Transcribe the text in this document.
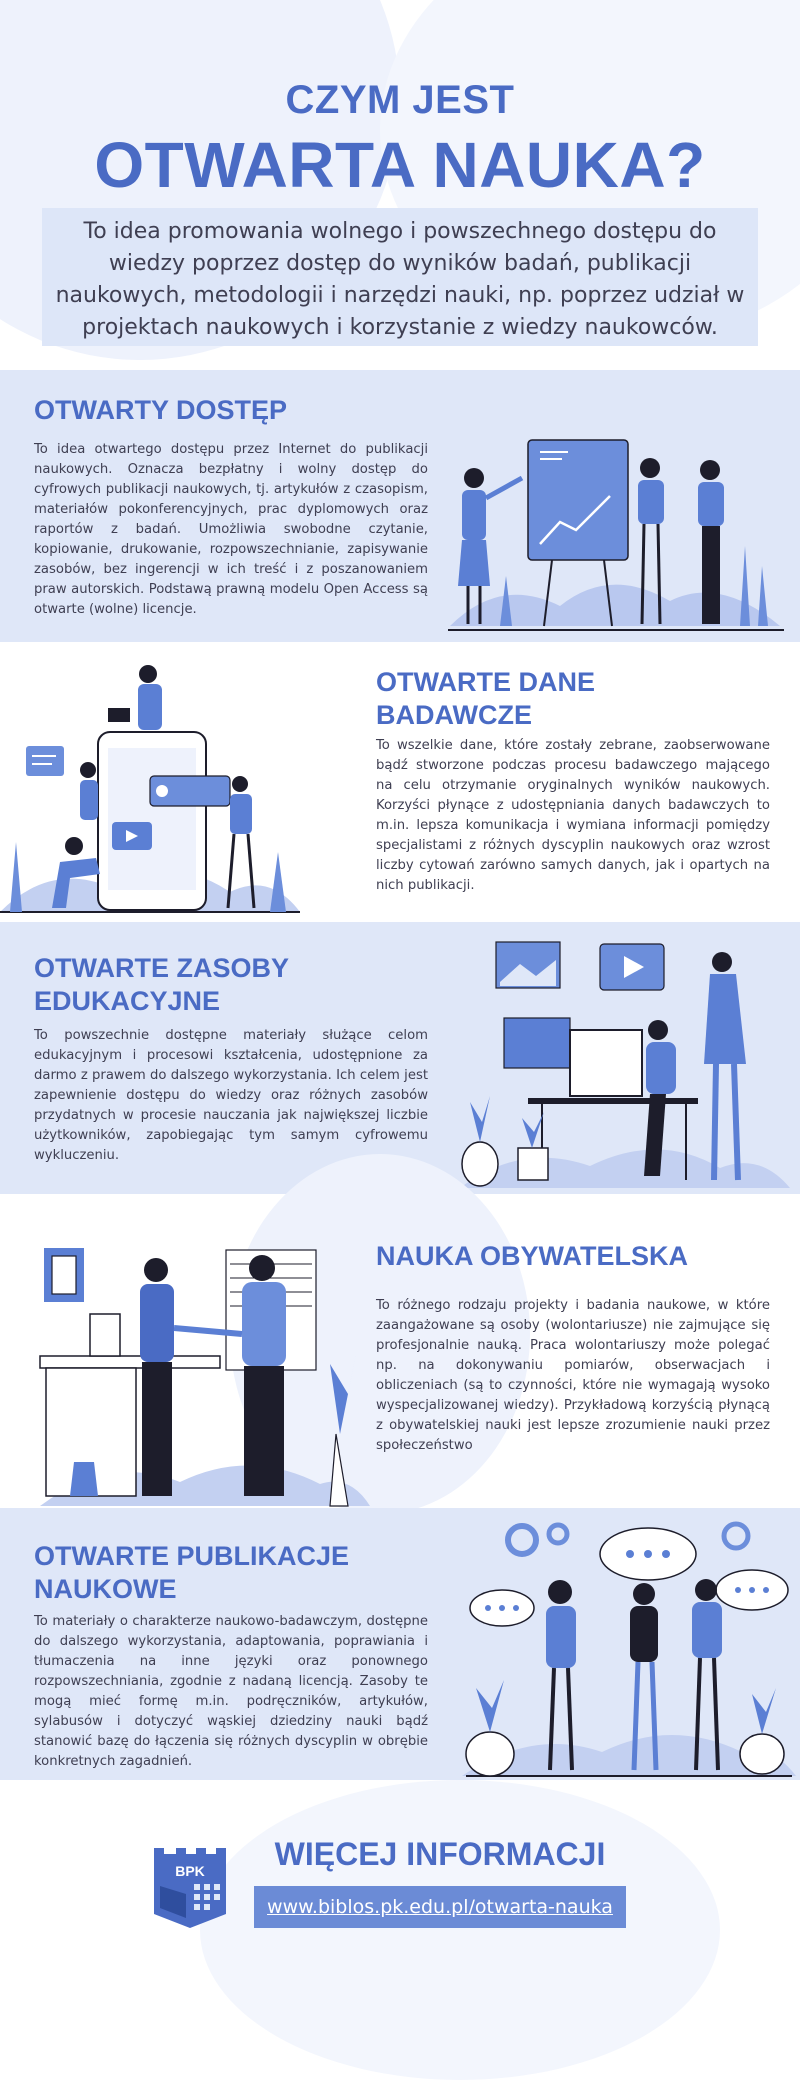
CZYM JEST
OTWARTA NAUKA?
To idea promowania wolnego i powszechnego dostępu do wiedzy poprzez dostęp do wyników badań, publikacji naukowych, metodologii i narzędzi nauki, np. poprzez udział w projektach naukowych i korzystanie z wiedzy naukowców.
OTWARTY DOSTĘP
To idea otwartego dostępu przez Internet do publikacji naukowych. Oznacza bezpłatny i wolny dostęp do cyfrowych publikacji naukowych, tj. artykułów z czasopism, materiałów pokonferencyjnych, prac dyplomowych oraz raportów z badań. Umożliwia swobodne czytanie, kopiowanie, drukowanie, rozpowszechnianie, zapisywanie zasobów, bez ingerencji w ich treść i z poszanowaniem praw autorskich. Podstawą prawną modelu Open Access są otwarte (wolne) licencje.
OTWARTE DANE BADAWCZE
To wszelkie dane, które zostały zebrane, zaobserwowane bądź stworzone podczas procesu badawczego mającego na celu otrzymanie oryginalnych wyników naukowych. Korzyści płynące z udostępniania danych badawczych to m.in. lepsza komunikacja i wymiana informacji pomiędzy specjalistami z różnych dyscyplin naukowych oraz wzrost liczby cytowań zarówno samych danych, jak i opartych na nich publikacji.
OTWARTE ZASOBY EDUKACYJNE
To powszechnie dostępne materiały służące celom edukacyjnym i procesowi kształcenia, udostępnione za darmo z prawem do dalszego wykorzystania. Ich celem jest zapewnienie dostępu do wiedzy oraz różnych zasobów przydatnych w procesie nauczania jak największej liczbie użytkowników, zapobiegając tym samym cyfrowemu wykluczeniu.
NAUKA OBYWATELSKA
To różnego rodzaju projekty i badania naukowe, w które zaangażowane są osoby (wolontariusze) nie zajmujące się profesjonalnie nauką. Praca wolontariuszy może polegać np. na dokonywaniu pomiarów, obserwacjach i obliczeniach (są to czynności, które nie wymagają wysoko wyspecjalizowanej wiedzy). Przykładową korzyścią płynącą z obywatelskiej nauki jest lepsze zrozumienie nauki przez społeczeństwo
OTWARTE PUBLIKACJE NAUKOWE
To materiały o charakterze naukowo-badawczym, dostępne do dalszego wykorzystania, adaptowania, poprawiania i tłumaczenia na inne języki oraz ponownego rozpowszechniania, zgodnie z nadaną licencją. Zasoby te mogą mieć formę m.in. podręczników, artykułów, sylabusów i dotyczyć wąskiej dziedziny nauki bądź stanowić bazę do łączenia się różnych dyscyplin w obrębie konkretnych zagadnień.
BPK WIĘCEJ INFORMACJI
www.biblos.pk.edu.pl/otwarta-nauka
